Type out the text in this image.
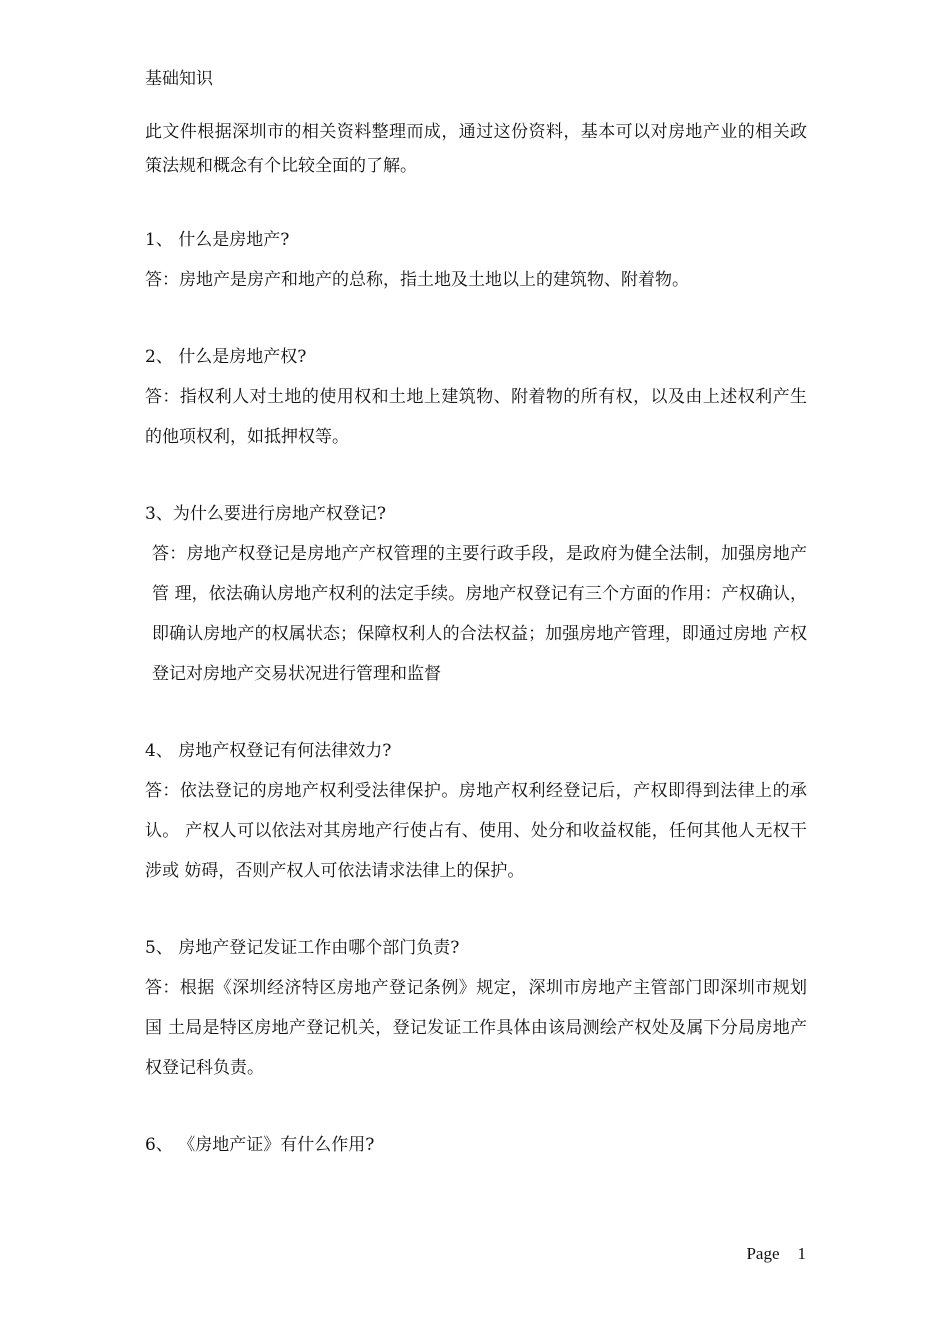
基础知识

此文件根据深圳市的相关资料整理而成，通过这份资料，基本可以对房地产业的相关政策法规和概念有个比较全面的了解。

1、 什么是房地产?

答：房地产是房产和地产的总称，指土地及土地以上的建筑物、附着物。

2、 什么是房地产权?

答：指权利人对土地的使用权和土地上建筑物、附着物的所有权，以及由上述权利产生的他项权利，如抵押权等。

3、为什么要进行房地产权登记?

答：房地产权登记是房地产产权管理的主要行政手段，是政府为健全法制，加强房地产管 理，依法确认房地产权利的法定手续。房地产权登记有三个方面的作用：产权确认，即确认房地产的权属状态；保障权利人的合法权益；加强房地产管理，即通过房地 产权登记对房地产交易状况进行管理和监督

4、 房地产权登记有何法律效力?

答：依法登记的房地产权利受法律保护。房地产权利经登记后，产权即得到法律上的承认。 产权人可以依法对其房地产行使占有、使用、处分和收益权能，任何其他人无权干涉或 妨碍，否则产权人可依法请求法律上的保护。

5、 房地产登记发证工作由哪个部门负责?

答：根据《深圳经济特区房地产登记条例》规定，深圳市房地产主管部门即深圳市规划国 土局是特区房地产登记机关，登记发证工作具体由该局测绘产权处及属下分局房地产权登记科负责。

6、 《房地产证》有什么作用?

Page 1
